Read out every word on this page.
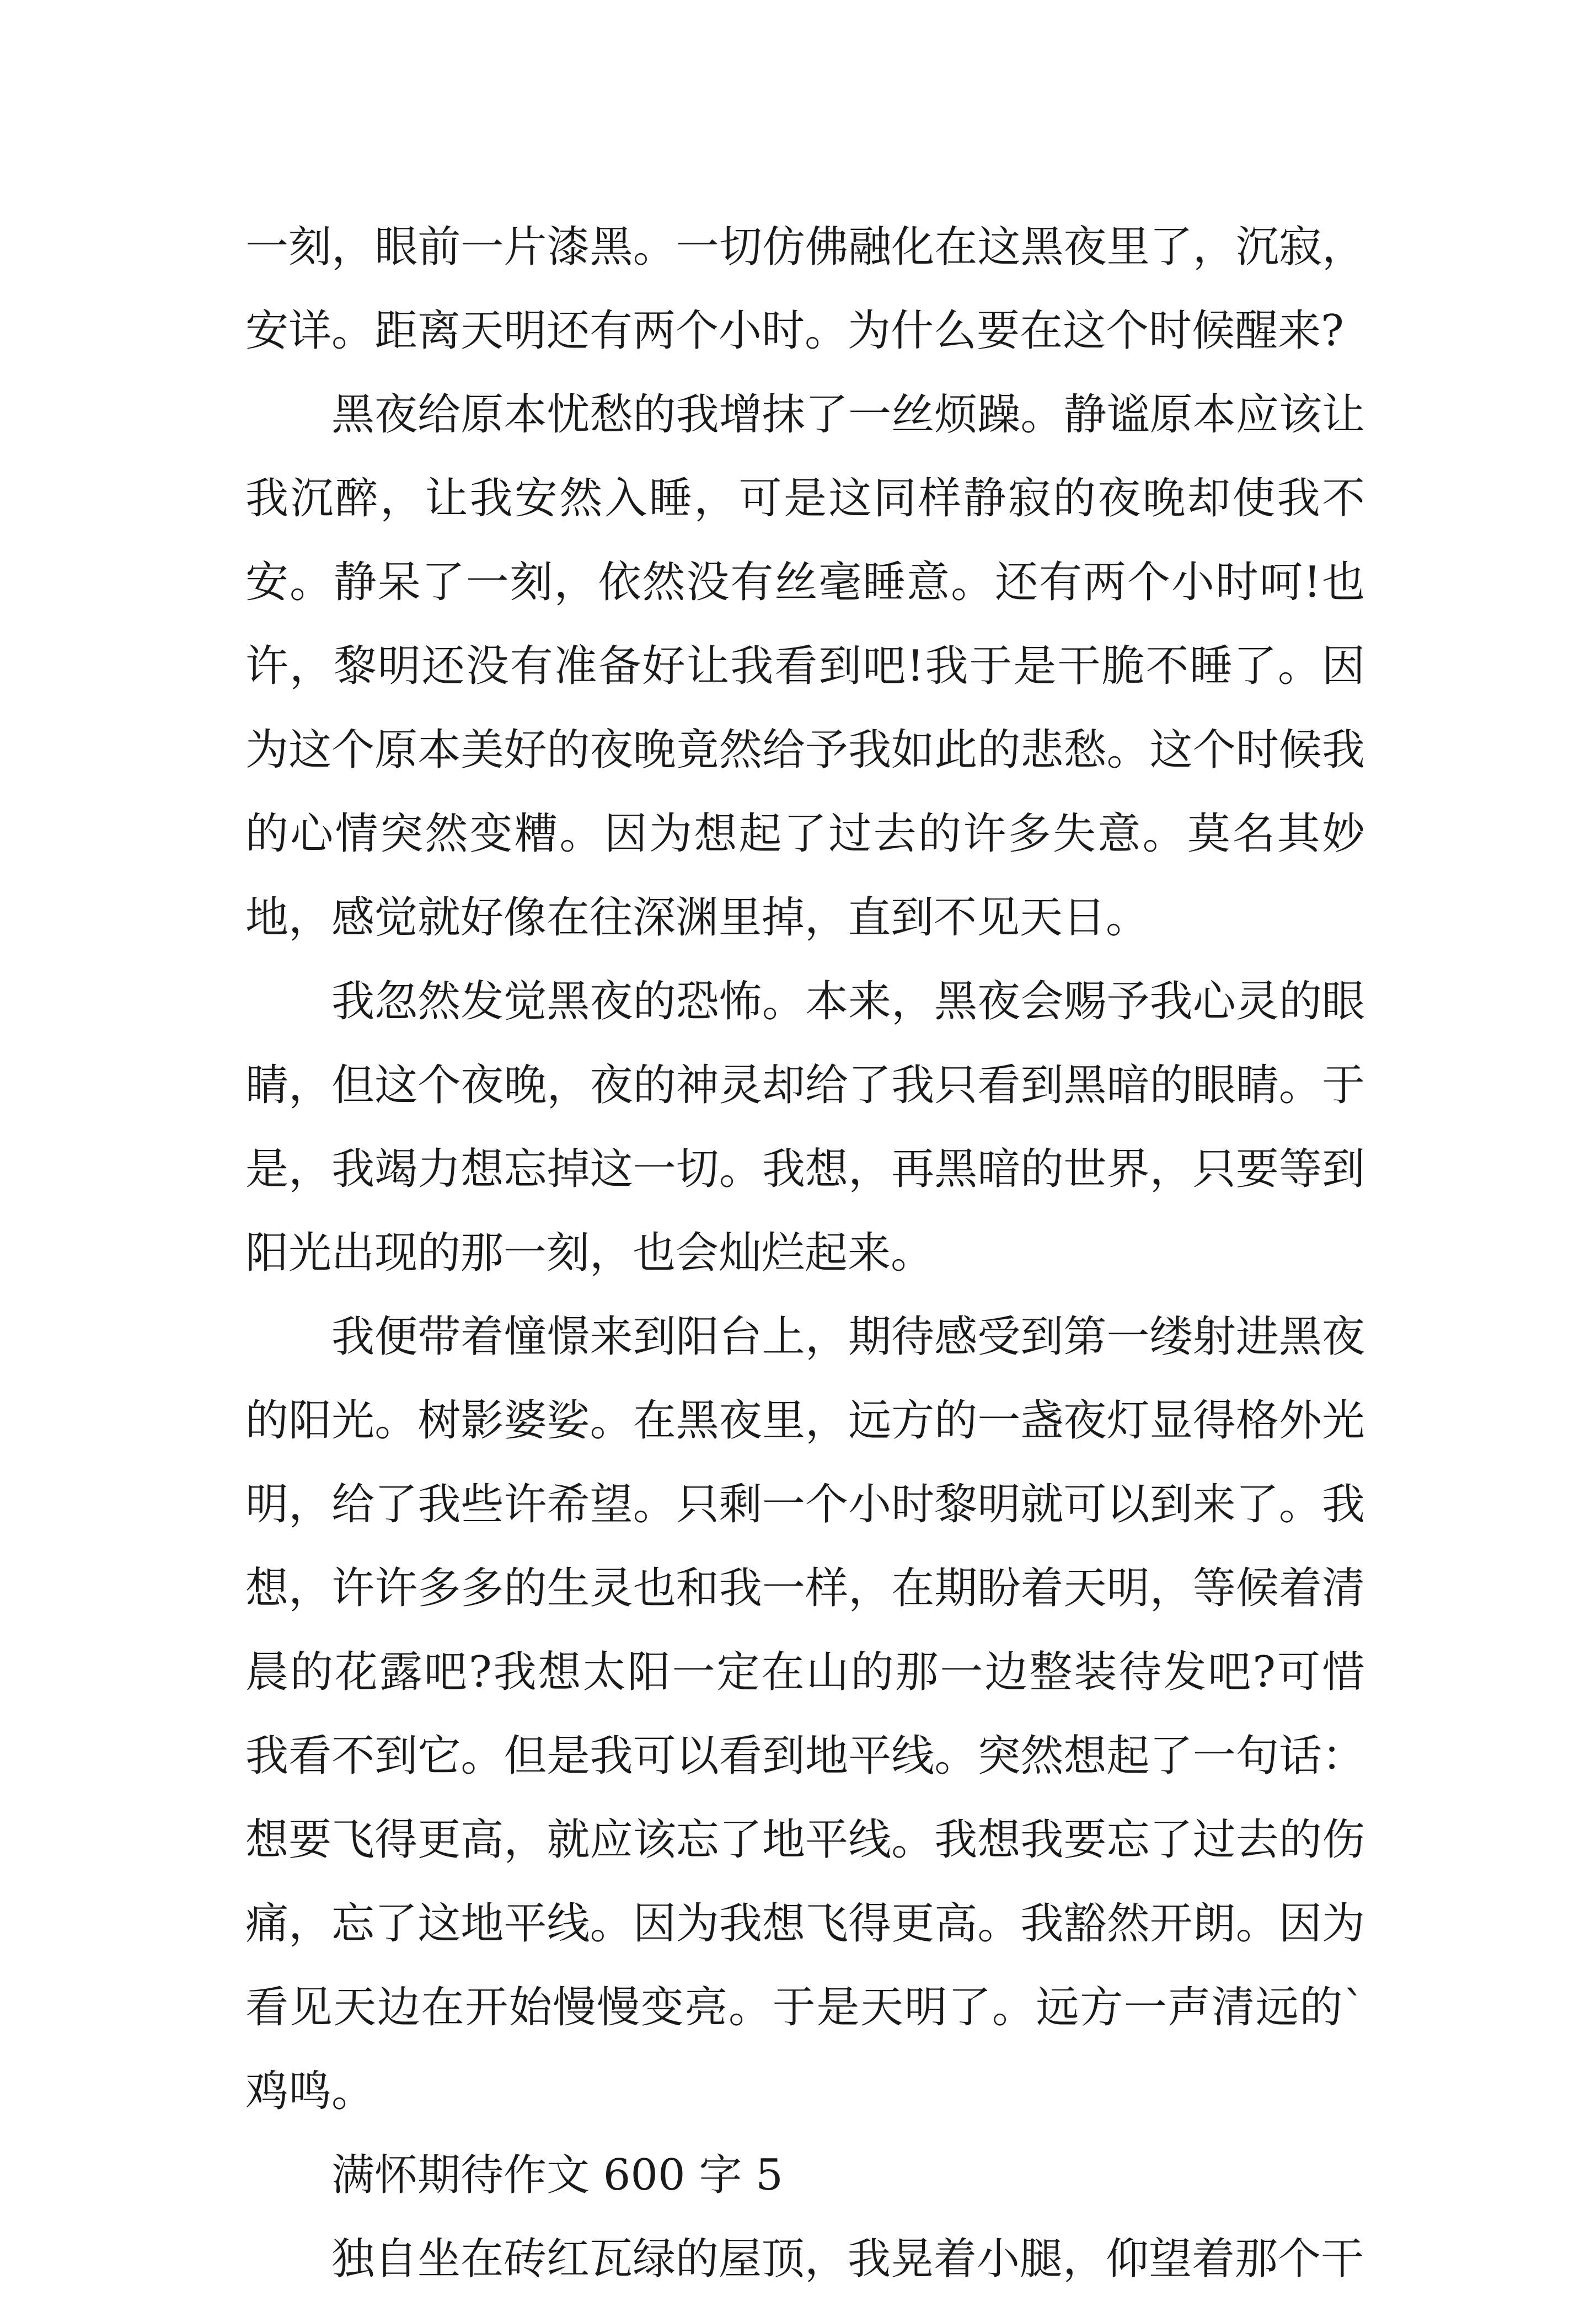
一刻，眼前一片漆黑。一切仿佛融化在这黑夜里了，沉寂，安详。距离天明还有两个小时。为什么要在这个时候醒来?

黑夜给原本忧愁的我增抹了一丝烦躁。静谧原本应该让我沉醉，让我安然入睡，可是这同样静寂的夜晚却使我不安。静呆了一刻，依然没有丝毫睡意。还有两个小时呵!也许，黎明还没有准备好让我看到吧!我于是干脆不睡了。因为这个原本美好的夜晚竟然给予我如此的悲愁。这个时候我的心情突然变糟。因为想起了过去的许多失意。莫名其妙地，感觉就好像在往深渊里掉，直到不见天日。

我忽然发觉黑夜的恐怖。本来，黑夜会赐予我心灵的眼睛，但这个夜晚，夜的神灵却给了我只看到黑暗的眼睛。于是，我竭力想忘掉这一切。我想，再黑暗的世界，只要等到阳光出现的那一刻，也会灿烂起来。

我便带着憧憬来到阳台上，期待感受到第一缕射进黑夜的阳光。树影婆娑。在黑夜里，远方的一盏夜灯显得格外光明，给了我些许希望。只剩一个小时黎明就可以到来了。我想，许许多多的生灵也和我一样，在期盼着天明，等候着清晨的花露吧?我想太阳一定在山的那一边整装待发吧?可惜我看不到它。但是我可以看到地平线。突然想起了一句话：想要飞得更高，就应该忘了地平线。我想我要忘了过去的伤痛，忘了这地平线。因为我想飞得更高。我豁然开朗。因为看见天边在开始慢慢变亮。于是天明了。远方一声清远的`鸡鸣。

满怀期待作文 600 字 5

独自坐在砖红瓦绿的屋顶，我晃着小腿，仰望着那个干
